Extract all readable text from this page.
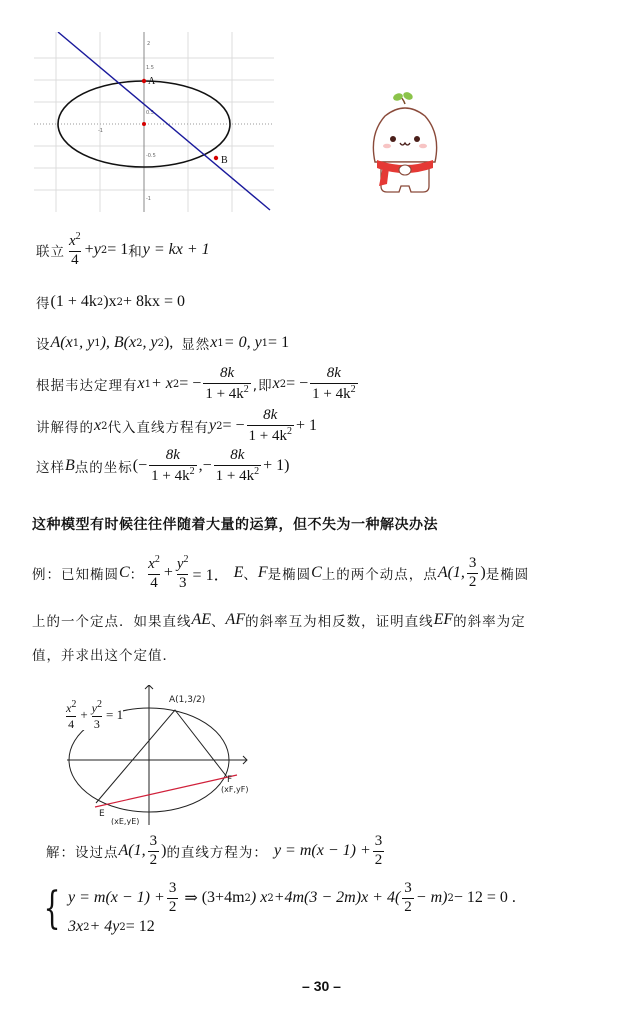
2
1.5
0.5
-0.5
-1
-1
A
B
联立 $\frac{x^2}{4} + y$ 2 = 1 和 y = kx + 1
得 (1 + 4k 2 )x 2 + 8kx = 0
设 A(x 1 , y 1 ), B(x 2 , y 2 ), 显然 x 1 = 0, y 1 = 1
根据韦达定理有 x 1 + x 2 = − $\frac{8k}{1 + 4k^2}$ ,即 x 2 = − $\frac{8k}{1 + 4k^2}$
讲解得的 x 2 代入直线方程有 y 2 = − $\frac{8k}{1 + 4k^2} + 1$
这样 B 点的坐标 (− $\frac{8k}{1 + 4k^2}$ ,− $\frac{8k}{1 + 4k^2} + 1$)
这种模型有时候往往伴随着大量的运算，但不失为一种解决办法
例：已知椭圆 C ： $\frac{x^2}{4} + \frac{y^2}{3} = 1$． E 、 F 是椭圆 C 上的两个动点，点 A(1, $\frac{3}{2}$ ) 是椭圆
上的一个定点．如果直线 AE 、 AF 的斜率互为相反数，证明直线 EF 的斜率为定
值，并求出这个定值．
A(1,3/2)
E
(xE,yE)
F
(xF,yF)
$\frac{x^2}{4} + \frac{y^2}{3} = 1$
解：设过点 A(1, $\frac{3}{2}$ ) 的直线方程为： $y = m(x - 1) + \frac{3}{2}$
{ $y = m(x - 1) + \frac{3}{2}$ ⇒ (3+4m 2 ) x $2 +4m(3 - 2m)x + 4( \frac{3}{2} - m)$ 2 − 12 = 0 .
3x 2 + 4y 2 = 12
– 30 –
